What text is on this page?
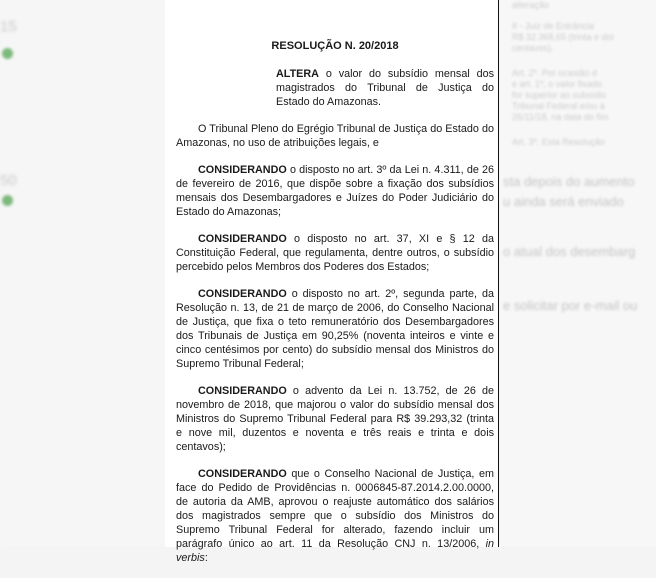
15
50
alteração
II - Juiz de Entrância
R$ 32.368,65 (trinta e doi
centavos).
Art. 2º. Por ocasião d
e art. 1º, o valor fixado
for superior ao subsídio
Tribunal Federal e/ou à
26/11/18, na data do fim
Art. 3º. Esta Resolução
sta depois do aumento
u ainda será enviado
o atual dos desembarg
e solicitar por e-mail ou
RESOLUÇÃO N. 20/2018
ALTERA o valor do subsídio mensal dos magistrados do Tribunal de Justiça do Estado do Amazonas.
O Tribunal Pleno do Egrégio Tribunal de Justiça do Estado do Amazonas, no uso de atribuições legais, e
CONSIDERANDO o disposto no art. 3º da Lei n. 4.311, de 26 de fevereiro de 2016, que dispõe sobre a fixação dos subsídios mensais dos Desembargadores e Juízes do Poder Judiciário do Estado do Amazonas;
CONSIDERANDO o disposto no art. 37, XI e § 12 da Constituição Federal, que regulamenta, dentre outros, o subsídio percebido pelos Membros dos Poderes dos Estados;
CONSIDERANDO o disposto no art. 2º, segunda parte, da Resolução n. 13, de 21 de março de 2006, do Conselho Nacional de Justiça, que fixa o teto remuneratório dos Desembargadores dos Tribunais de Justiça em 90,25% (noventa inteiros e vinte e cinco centésimos por cento) do subsídio mensal dos Ministros do Supremo Tribunal Federal;
CONSIDERANDO o advento da Lei n. 13.752, de 26 de novembro de 2018, que majorou o valor do subsídio mensal dos Ministros do Supremo Tribunal Federal para R$ 39.293,32 (trinta e nove mil, duzentos e noventa e três reais e trinta e dois centavos);
CONSIDERANDO que o Conselho Nacional de Justiça, em face do Pedido de Providências n. 0006845-87.2014.2.00.0000, de autoria da AMB, aprovou o reajuste automático dos salários dos magistrados sempre que o subsídio dos Ministros do Supremo Tribunal Federal for alterado, fazendo incluir um parágrafo único ao art. 11 da Resolução CNJ n. 13/2006, in verbis:
